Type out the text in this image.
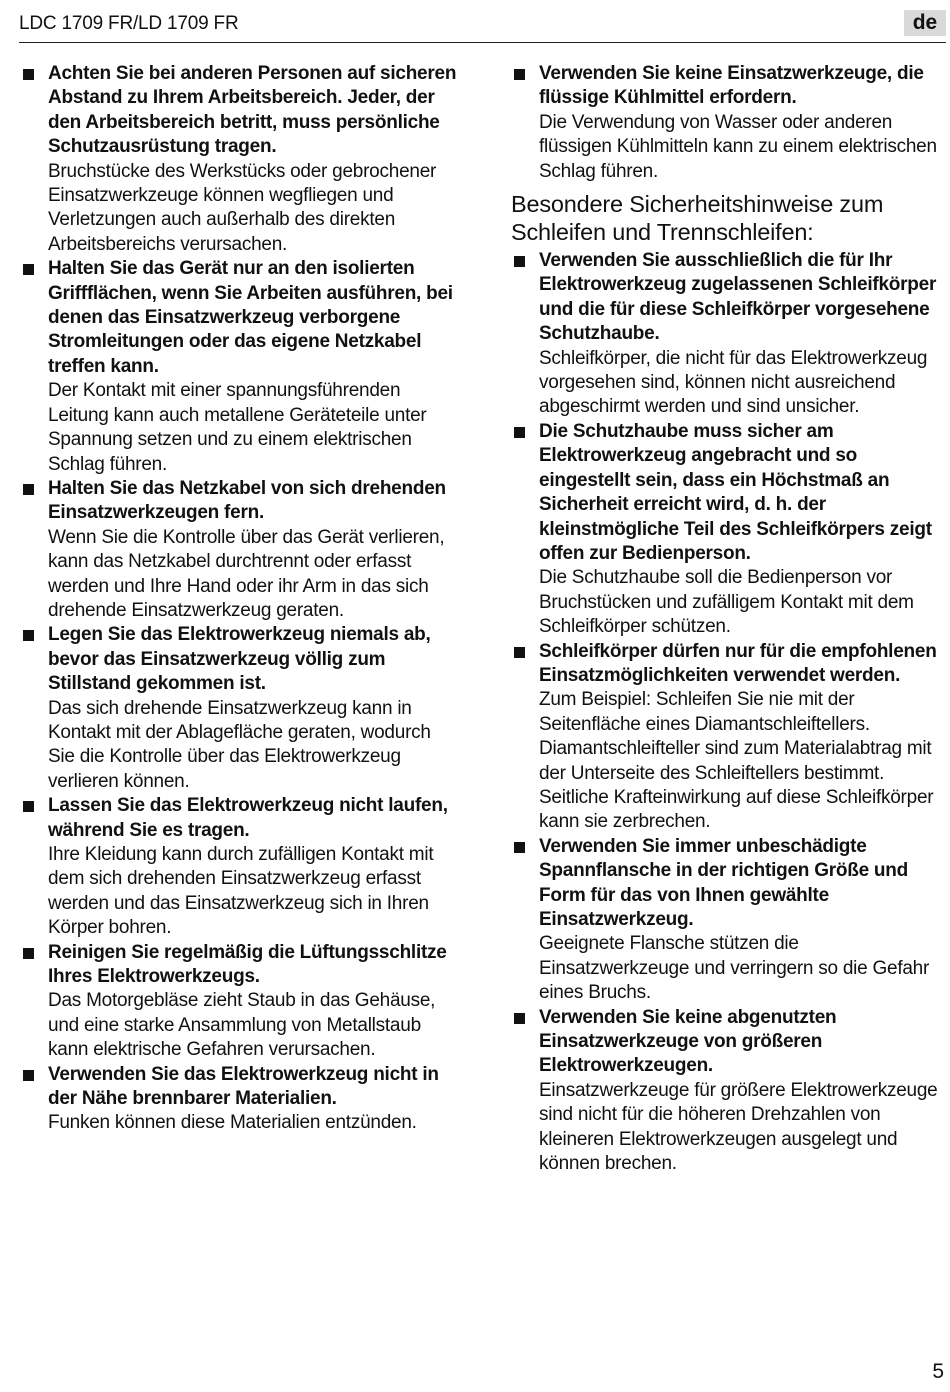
LDC 1709 FR/LD 1709 FR	de
Achten Sie bei anderen Personen auf sicheren Abstand zu Ihrem Arbeitsbereich. Jeder, der den Arbeitsbereich betritt, muss persönliche Schutzausrüstung tragen.
Bruchstücke des Werkstücks oder gebrochener Einsatzwerkzeuge können wegfliegen und Verletzungen auch außerhalb des direkten Arbeitsbereichs verursachen.
Halten Sie das Gerät nur an den isolierten Griffflächen, wenn Sie Arbeiten ausführen, bei denen das Einsatzwerkzeug verborgene Stromleitungen oder das eigene Netzkabel treffen kann.
Der Kontakt mit einer spannungsführenden Leitung kann auch metallene Geräteteile unter Spannung setzen und zu einem elektrischen Schlag führen.
Halten Sie das Netzkabel von sich drehenden Einsatzwerkzeugen fern.
Wenn Sie die Kontrolle über das Gerät verlieren, kann das Netzkabel durchtrennt oder erfasst werden und Ihre Hand oder ihr Arm in das sich drehende Einsatzwerkzeug geraten.
Legen Sie das Elektrowerkzeug niemals ab, bevor das Einsatzwerkzeug völlig zum Stillstand gekommen ist.
Das sich drehende Einsatzwerkzeug kann in Kontakt mit der Ablagefläche geraten, wodurch Sie die Kontrolle über das Elektrowerkzeug verlieren können.
Lassen Sie das Elektrowerkzeug nicht laufen, während Sie es tragen.
Ihre Kleidung kann durch zufälligen Kontakt mit dem sich drehenden Einsatzwerkzeug erfasst werden und das Einsatzwerkzeug sich in Ihren Körper bohren.
Reinigen Sie regelmäßig die Lüftungsschlitze Ihres Elektrowerkzeugs.
Das Motorgebläse zieht Staub in das Gehäuse, und eine starke Ansammlung von Metallstaub kann elektrische Gefahren verursachen.
Verwenden Sie das Elektrowerkzeug nicht in der Nähe brennbarer Materialien.
Funken können diese Materialien entzünden.
Verwenden Sie keine Einsatzwerkzeuge, die flüssige Kühlmittel erfordern.
Die Verwendung von Wasser oder anderen flüssigen Kühlmitteln kann zu einem elektrischen Schlag führen.
Besondere Sicherheitshinweise zum Schleifen und Trennschleifen:
Verwenden Sie ausschließlich die für Ihr Elektrowerkzeug zugelassenen Schleifkörper und die für diese Schleifkörper vorgesehene Schutzhaube.
Schleifkörper, die nicht für das Elektrowerkzeug vorgesehen sind, können nicht ausreichend abgeschirmt werden und sind unsicher.
Die Schutzhaube muss sicher am Elektrowerkzeug angebracht und so eingestellt sein, dass ein Höchstmaß an Sicherheit erreicht wird, d. h. der kleinstmögliche Teil des Schleifkörpers zeigt offen zur Bedienperson.
Die Schutzhaube soll die Bedienperson vor Bruchstücken und zufälligem Kontakt mit dem Schleifkörper schützen.
Schleifkörper dürfen nur für die empfohlenen Einsatzmöglichkeiten verwendet werden.
Zum Beispiel: Schleifen Sie nie mit der Seitenfläche eines Diamantschleiftellers. Diamantschleifteller sind zum Materialabtrag mit der Unterseite des Schleiftellers bestimmt. Seitliche Krafteinwirkung auf diese Schleifkörper kann sie zerbrechen.
Verwenden Sie immer unbeschädigte Spannflansche in der richtigen Größe und Form für das von Ihnen gewählte Einsatzwerkzeug.
Geeignete Flansche stützen die Einsatzwerkzeuge und verringern so die Gefahr eines Bruchs.
Verwenden Sie keine abgenutzten Einsatzwerkzeuge von größeren Elektrowerkzeugen.
Einsatzwerkzeuge für größere Elektrowerkzeuge sind nicht für die höheren Drehzahlen von kleineren Elektrowerkzeugen ausgelegt und können brechen.
5
